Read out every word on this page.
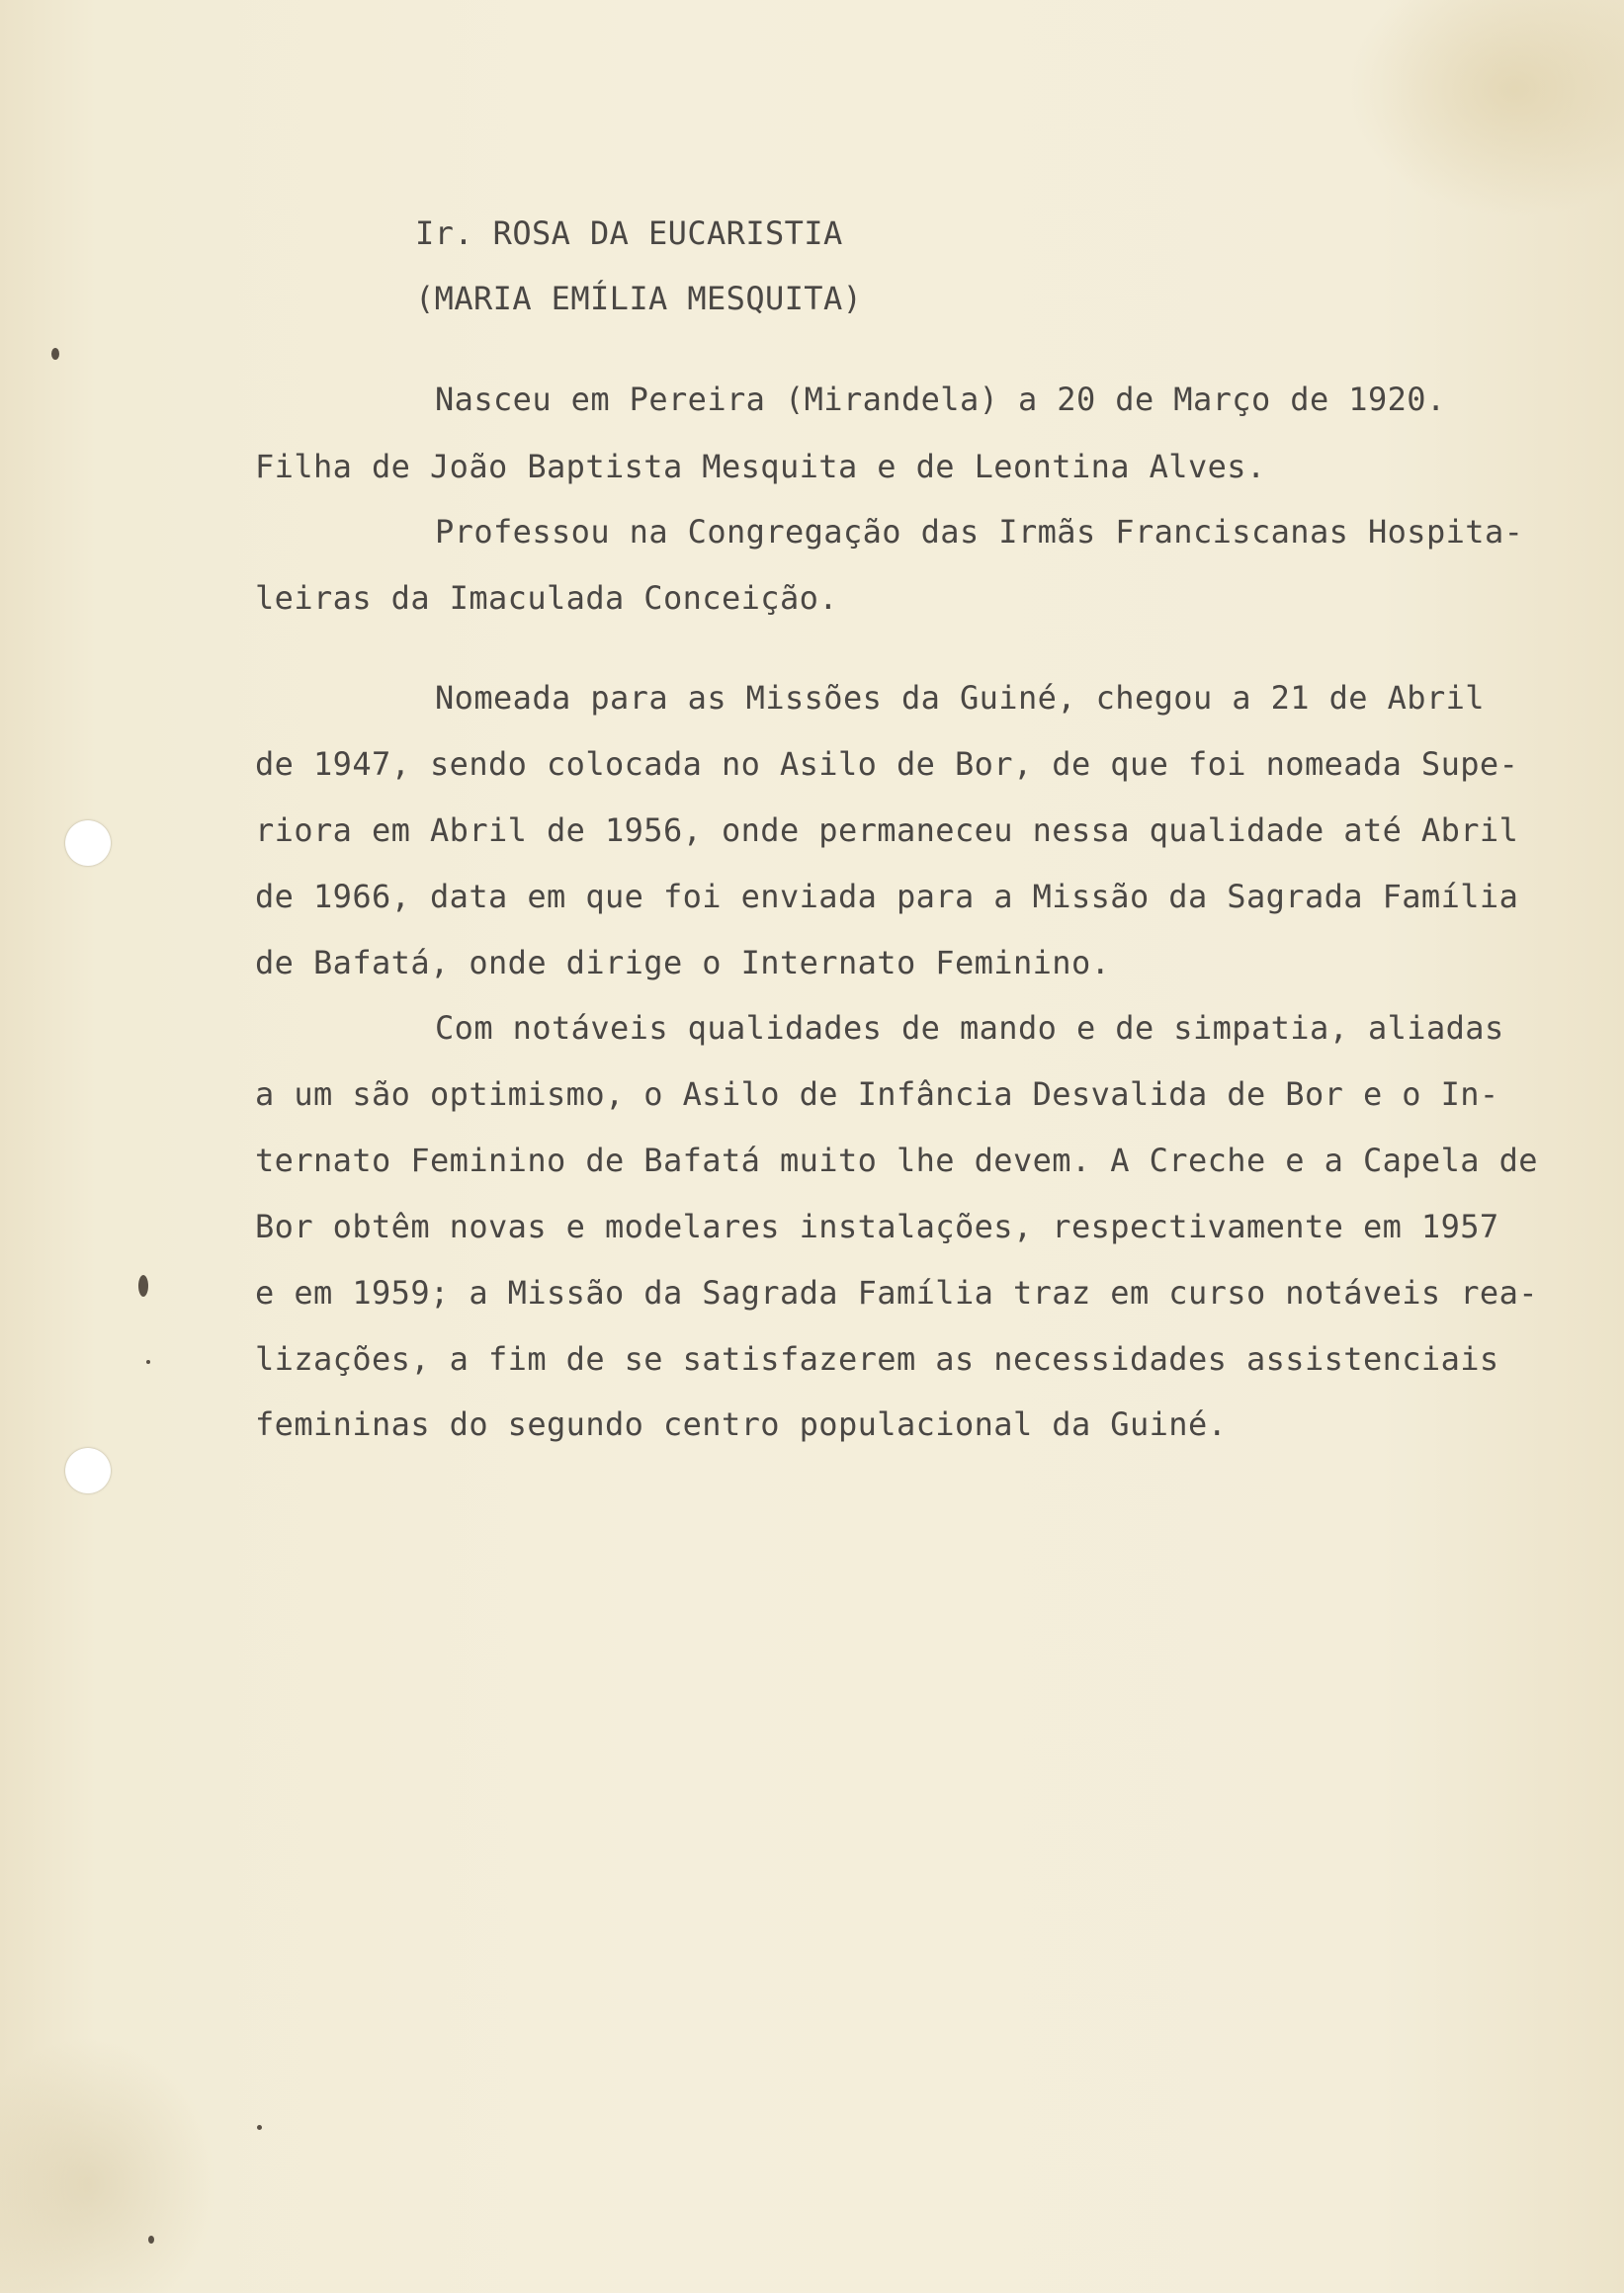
Ir. ROSA DA EUCARISTIA

(MARIA EMÍLIA MESQUITA)

Nasceu em Pereira (Mirandela) a 20 de Março de 1920.

Filha de João Baptista Mesquita e de Leontina Alves.

Professou na Congregação das Irmãs Franciscanas Hospita-

leiras da Imaculada Conceição.

Nomeada para as Missões da Guiné, chegou a 21 de Abril

de 1947, sendo colocada no Asilo de Bor, de que foi nomeada Supe-

riora em Abril de 1956, onde permaneceu nessa qualidade até Abril

de 1966, data em que foi enviada para a Missão da Sagrada Família

de Bafatá, onde dirige o Internato Feminino.

Com notáveis qualidades de mando e de simpatia, aliadas

a um são optimismo, o Asilo de Infância Desvalida de Bor e o In-

ternato Feminino de Bafatá muito lhe devem. A Creche e a Capela de

Bor obtêm novas e modelares instalações, respectivamente em 1957

e em 1959; a Missão da Sagrada Família traz em curso notáveis rea-

lizações, a fim de se satisfazerem as necessidades assistenciais

femininas do segundo centro populacional da Guiné.
